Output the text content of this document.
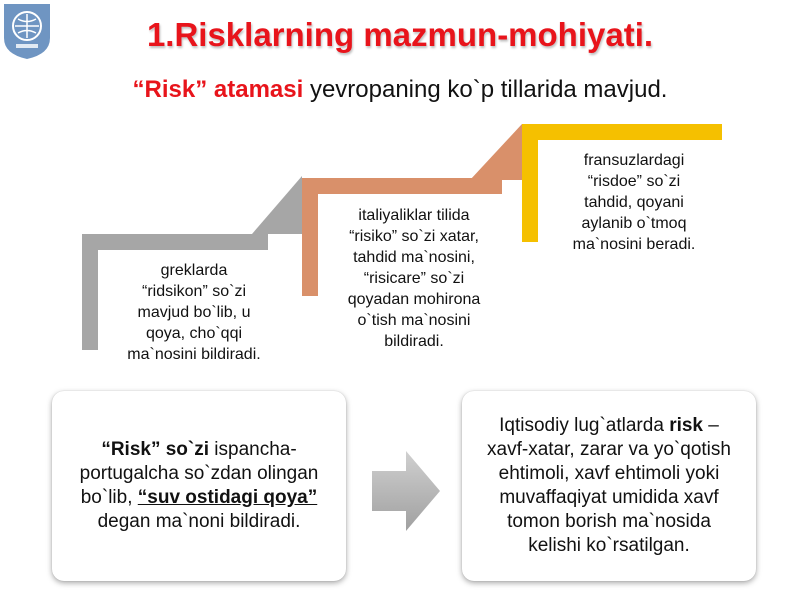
1.Risklarning mazmun-mohiyati.
“Risk” atamasi yevropaning ko`p tillarida mavjud.
greklarda
“ridsikon” so`zi
mavjud bo`lib, u
qoya, cho`qqi
ma`nosini bildiradi.
italiyaliklar tilida
“risiko” so`zi xatar,
tahdid ma`nosini,
“risicare” so`zi
qoyadan mohirona
o`tish ma`nosini
bildiradi.
fransuzlardagi
“risdoe” so`zi
tahdid, qoyani
aylanib o`tmoq
ma`nosini beradi.
“Risk” so`zi ispancha-portugalcha so`zdan olingan bo`lib, “suv ostidagi qoya” degan ma`noni bildiradi.
Iqtisodiy lug`atlarda risk – xavf-xatar, zarar va yo`qotish ehtimoli, xavf ehtimoli yoki muvaffaqiyat umidida xavf tomon borish ma`nosida kelishi ko`rsatilgan.
